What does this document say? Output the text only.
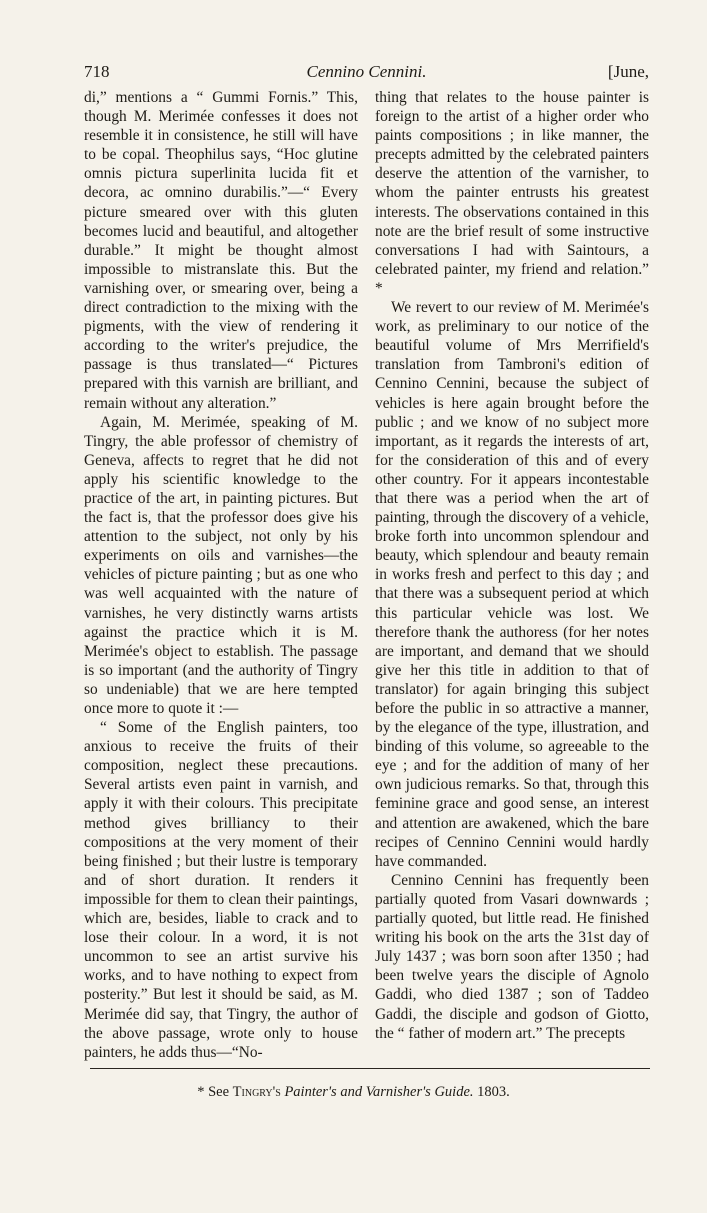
718	Cennino Cennini.	[June,

di,” mentions a “ Gummi Fornis.” This, though M. Merimée confesses it does not resemble it in consistence, he still will have to be copal. Theophilus says, “Hoc glutine omnis pictura superlinita lucida fit et decora, ac omnino durabilis.”—“ Every picture smeared over with this gluten becomes lucid and beautiful, and altogether durable.” It might be thought almost impossible to mistranslate this. But the varnishing over, or smearing over, being a direct contradiction to the mixing with the pigments, with the view of rendering it according to the writer's prejudice, the passage is thus translated—“ Pictures prepared with this varnish are brilliant, and remain without any alteration.”

Again, M. Merimée, speaking of M. Tingry, the able professor of chemistry of Geneva, affects to regret that he did not apply his scientific knowledge to the practice of the art, in painting pictures. But the fact is, that the professor does give his attention to the subject, not only by his experiments on oils and varnishes—the vehicles of picture painting ; but as one who was well acquainted with the nature of varnishes, he very distinctly warns artists against the practice which it is M. Merimée's object to establish. The passage is so important (and the authority of Tingry so undeniable) that we are here tempted once more to quote it :—

“ Some of the English painters, too anxious to receive the fruits of their composition, neglect these precautions. Several artists even paint in varnish, and apply it with their colours. This precipitate method gives brilliancy to their compositions at the very moment of their being finished ; but their lustre is temporary and of short duration. It renders it impossible for them to clean their paintings, which are, besides, liable to crack and to lose their colour. In a word, it is not uncommon to see an artist survive his works, and to have nothing to expect from posterity.” But lest it should be said, as M. Merimée did say, that Tingry, the author of the above passage, wrote only to house painters, he adds thus—“No-

thing that relates to the house painter is foreign to the artist of a higher order who paints compositions ; in like manner, the precepts admitted by the celebrated painters deserve the attention of the varnisher, to whom the painter entrusts his greatest interests. The observations contained in this note are the brief result of some instructive conversations I had with Saintours, a celebrated painter, my friend and relation.” *

We revert to our review of M. Merimée's work, as preliminary to our notice of the beautiful volume of Mrs Merrifield's translation from Tambroni's edition of Cennino Cennini, because the subject of vehicles is here again brought before the public ; and we know of no subject more important, as it regards the interests of art, for the consideration of this and of every other country. For it appears incontestable that there was a period when the art of painting, through the discovery of a vehicle, broke forth into uncommon splendour and beauty, which splendour and beauty remain in works fresh and perfect to this day ; and that there was a subsequent period at which this particular vehicle was lost. We therefore thank the authoress (for her notes are important, and demand that we should give her this title in addition to that of translator) for again bringing this subject before the public in so attractive a manner, by the elegance of the type, illustration, and binding of this volume, so agreeable to the eye ; and for the addition of many of her own judicious remarks. So that, through this feminine grace and good sense, an interest and attention are awakened, which the bare recipes of Cennino Cennini would hardly have commanded.

Cennino Cennini has frequently been partially quoted from Vasari downwards ; partially quoted, but little read. He finished writing his book on the arts the 31st day of July 1437 ; was born soon after 1350 ; had been twelve years the disciple of Agnolo Gaddi, who died 1387 ; son of Taddeo Gaddi, the disciple and godson of Giotto, the “ father of modern art.” The precepts

* See Tingry's Painter's and Varnisher's Guide. 1803.
